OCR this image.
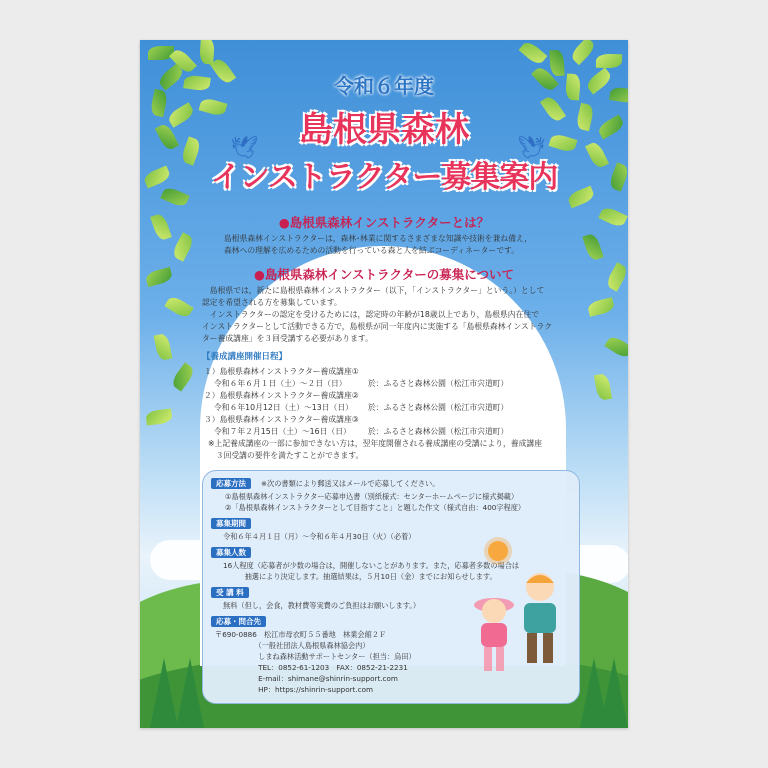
🕊	🕊
令和６年度
島根県森林
インストラクター募集案内
●島根県森林インストラクターとは？
島根県森林インストラクターは，森林･林業に関するさまざまな知識や技術を兼ね備え，
森林への理解を広めるための活動を行っている森と人を結ぶコーディネーターです。
●島根県森林インストラクターの募集について
　島根県では，新たに島根県森林インストラクター（以下，「インストラクター」という。）として
認定を希望される方を募集しています。
　インストラクターの認定を受けるためには，認定時の年齢が18歳以上であり，島根県内在住で
インストラクターとして活動できる方で，島根県が同一年度内に実施する「島根県森林インストラク
ター養成講座」を３回受講する必要があります。
【養成講座開催日程】
１）島根県森林インストラクター養成講座①
令和６年６月１日（土）～２日（日）	於：ふるさと森林公園（松江市宍道町）
２）島根県森林インストラクター養成講座②
令和６年10月12日（土）～13日（日） 於：ふるさと森林公園（松江市宍道町）
３）島根県森林インストラクター養成講座③
令和７年２月15日（土）～16日（日） 於：ふるさと森林公園（松江市宍道町）
※上記養成講座の一部に参加できない方は，翌年度開催される養成講座の受講により，養成講座
　３回受講の要件を満たすことができます。
応募方法	※次の書類により郵送又はメールで応募してください。
①島根県森林インストラクター応募申込書（別紙様式：センターホームページに様式掲載）
②「島根県森林インストラクターとして目指すこと」と題した作文（様式自由：400字程度）
募集期間
令和６年４月１日（月）～令和６年４月30日（火）（必着）
募集人数
16人程度（応募者が少数の場合は，開催しないことがあります。また，応募者多数の場合は
　　　抽選により決定します。抽選結果は，５月10日（金）までにお知らせします。
受 講 料
無料（但し，会食，教材費等実費のご負担はお願いします。）
応募・問合先
〒690-0886　松江市母衣町５５番地　林業会館２Ｆ
　　　　　　（一般社団法人島根県森林協会内）
　　　　　　しまね森林活動サポートセンター（担当：烏田）
　　　　　　TEL：0852-61-1203　FAX：0852-21-2231
　　　　　　E-mail：shimane@shinrin-support.com
　　　　　　HP：https://shinrin-support.com
